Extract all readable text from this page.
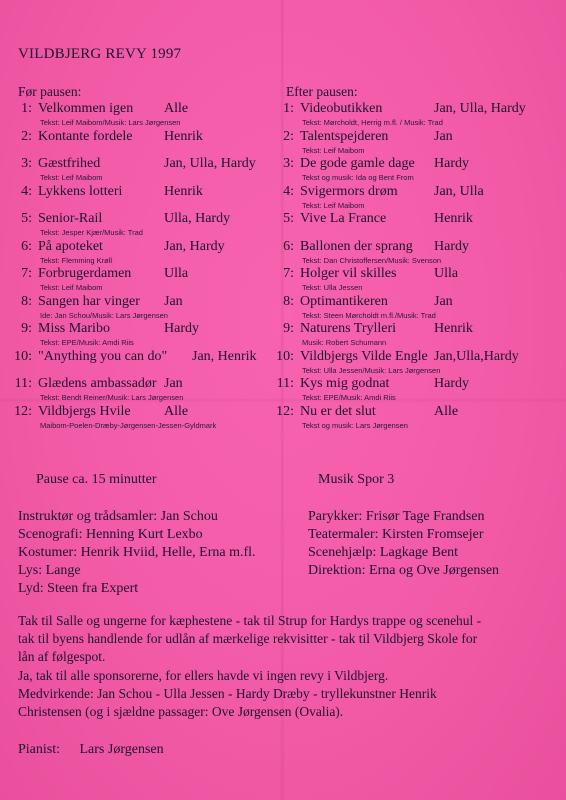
VILDBJERG REVY 1997
Før pausen:	Efter pausen:
1: Velkommen igen Alle
Tekst: Leif Maibom/Musik: Lars Jørgensen
2: Kontante fordele Henrik
3: Gæstfrihed	Jan, Ulla, Hardy
Tekst: Leif Maibom
4: Lykkens lotteri	Henrik
5: Senior-Rail	Ulla, Hardy
Tekst: Jesper Kjær/Musik: Trad
6: På apoteket	Jan, Hardy
Tekst: Flemming Krøll
7: Forbrugerdamen Ulla
Tekst: Leif Maibom
8: Sangen har vinger Jan
Ide: Jan Schou/Musik: Lars Jørgensen
9: Miss Maribo	Hardy
Tekst: EPE/Musik: Amdi Riis
10: "Anything you can do" Jan, Henrik
11: Glædens ambassadør Jan
Tekst: Bendt Reiner/Musik: Lars Jørgensen
12: Vildbjergs Hvile Alle
Maibom-Poelen-Dræby-Jørgensen-Jessen-Gyldmark
1: Videobutikken	Jan, Ulla, Hardy
Tekst: Mørcholdt, Herrig m.fl. / Musik: Trad
2: Talentspejderen	Jan
Tekst: Leif Maibom
3: De gode gamle dage Hardy
Tekst og musik: Ida og Bent From
4: Svigermors drøm	Jan, Ulla
Tekst: Leif Maibom
5: Vive La France	Henrik
6: Ballonen der sprang Hardy
Tekst: Dan Christoffersen/Musik: Svenson
7: Holger vil skilles	Ulla
Tekst: Ulla Jessen
8: Optimantikeren	Jan
Tekst: Steen Mørcholdt m.fl./Musik: Trad
9: Naturens Trylleri	Henrik
Musik: Robert Schumann
10: Vildbjergs Vilde Engle Jan,Ulla,Hardy
Tekst: Ulla Jessen/Musik: Lars Jørgensen
11: Kys mig godnat	Hardy
Tekst: EPE/Musik: Amdi Riis
12: Nu er det slut	Alle
Tekst og musik: Lars Jørgensen
Pause ca. 15 minutter	Musik Spor 3
Instruktør og trådsamler: Jan Schou
Scenografi: Henning Kurt Lexbo
Kostumer: Henrik Hviid, Helle, Erna m.fl.
Lys: Lange
Lyd: Steen fra Expert
Parykker: Frisør Tage Frandsen
Teatermaler: Kirsten Fromsejer
Scenehjælp: Lagkage Bent
Direktion: Erna og Ove Jørgensen
Tak til Salle og ungerne for kæphestene - tak til Strup for Hardys trappe og scenehul -
tak til byens handlende for udlån af mærkelige rekvisitter - tak til Vildbjerg Skole for
lån af følgespot.
Ja, tak til alle sponsorerne, for ellers havde vi ingen revy i Vildbjerg.
Medvirkende: Jan Schou - Ulla Jessen - Hardy Dræby - tryllekunstner Henrik
Christensen (og i sjældne passager: Ove Jørgensen (Ovalia).
Pianist: Lars Jørgensen
